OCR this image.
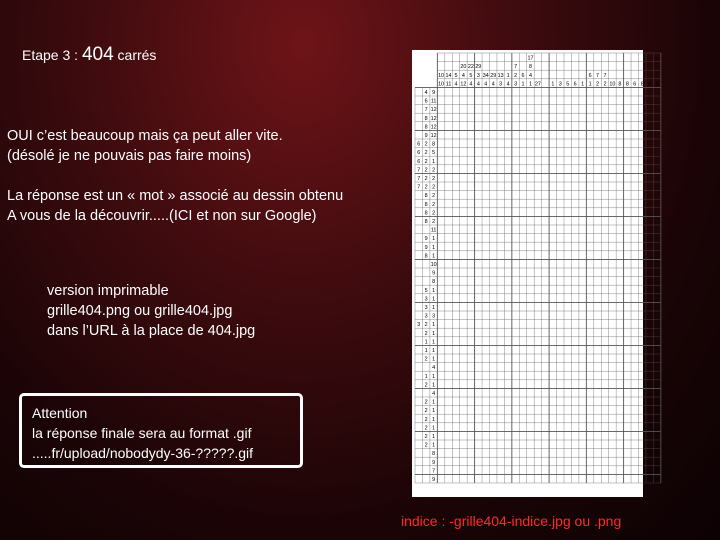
Etape 3 : 404 carrés
OUI c’est beaucoup mais ça peut aller vite.
(désolé je ne pouvais pas faire moins)
La réponse est un « mot » associé au dessin obtenu
A vous de la découvrir.....(ICI et non sur Google)
version imprimable
grille404.png ou grille404.jpg
dans l’URL à la place de 404.jpg
Attention
la réponse finale sera au format .gif
.....fr/upload/nobodydy-36-?????.gif
indice : -grille404-indice.jpg ou .png
10
10
14
11
5
4
20
4
12
22
5
4
29
3
4
34
4
29
4
13
3
1
4
7
2
3
6
1
17
8
4
1 27 1 3 5 6 1
6
1
7
2
7
2 10 8 8 6 8 6 4
4 9
6 11
7 12
8 12
8 12
9 12
6 2 8
6 2 5
6 2 1
7 2 2
7 2 2
7 2 2
8 2
8 2
8 2
8 2
11
9 1
9 1
8 1
10
9
8
5 1
3 1
3 1
3 3
3 2 1
2 1
1 1
1 1
2 1
4
1 1
2 1
4
2 1
2 1
2 1
2 1
2 1
2 1
8
9
7
9
